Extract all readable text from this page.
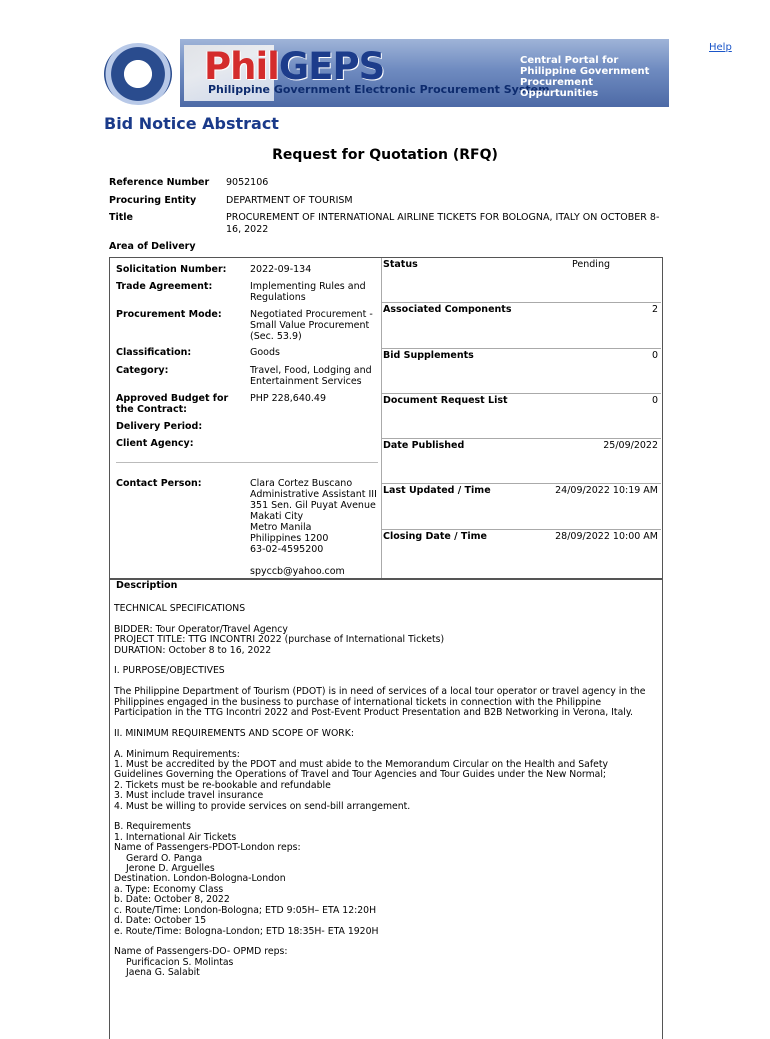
Help
PhilGEPS
Philippine Government Electronic Procurement System
Central Portal for
Philippine Government
Procurement Oppurtunities
Bid Notice Abstract
Request for Quotation (RFQ)
Reference Number 9052106
Procuring Entity	DEPARTMENT OF TOURISM
Title	PROCUREMENT OF INTERNATIONAL AIRLINE TICKETS FOR BOLOGNA, ITALY ON OCTOBER 8-16, 2022
Area of Delivery
Solicitation Number:	2022-09-134
Trade Agreement:	Implementing Rules and Regulations
Procurement Mode:	Negotiated Procurement - Small Value Procurement (Sec. 53.9)
Classification:	Goods
Category:	Travel, Food, Lodging and Entertainment Services
Approved Budget for the Contract:
PHP 228,640.49
Delivery Period:
Client Agency:
Contact Person:	Clara Cortez Buscano
Administrative Assistant III
351 Sen. Gil Puyat Avenue
Makati City
Metro Manila
Philippines 1200
63-02-4595200

spyccb@yahoo.com
Status	Pending
Associated Components	2
Bid Supplements	0
Document Request List	0
Date Published	25/09/2022
Last Updated / Time	24/09/2022 10:19 AM
Closing Date / Time	28/09/2022 10:00 AM
Description

TECHNICAL SPECIFICATIONS

BIDDER: Tour Operator/Travel Agency
PROJECT TITLE: TTG INCONTRI 2022 (purchase of International Tickets)
DURATION: October 8 to 16, 2022

I. PURPOSE/OBJECTIVES

The Philippine Department of Tourism (PDOT) is in need of services of a local tour operator or travel agency in the Philippines engaged in the business to purchase of international tickets in connection with the Philippine Participation in the TTG Incontri 2022 and Post-Event Product Presentation and B2B Networking in Verona, Italy.

II. MINIMUM REQUIREMENTS AND SCOPE OF WORK:

A. Minimum Requirements:
1. Must be accredited by the PDOT and must abide to the Memorandum Circular on the Health and Safety Guidelines Governing the Operations of Travel and Tour Agencies and Tour Guides under the New Normal;
2. Tickets must be re-bookable and refundable
3. Must include travel insurance
4. Must be willing to provide services on send-bill arrangement.

B. Requirements
1. International Air Tickets
Name of Passengers-PDOT-London reps:

Gerard O. Panga
Jerone D. Arguelles

Destination. London-Bologna-London
a. Type: Economy Class
b. Date: October 8, 2022
c. Route/Time: London-Bologna; ETD 9:05H– ETA 12:20H
d. Date: October 15
e. Route/Time: Bologna-London; ETD 18:35H- ETA 1920H

Name of Passengers-DO- OPMD reps:

Purificacion S. Molintas
Jaena G. Salabit
